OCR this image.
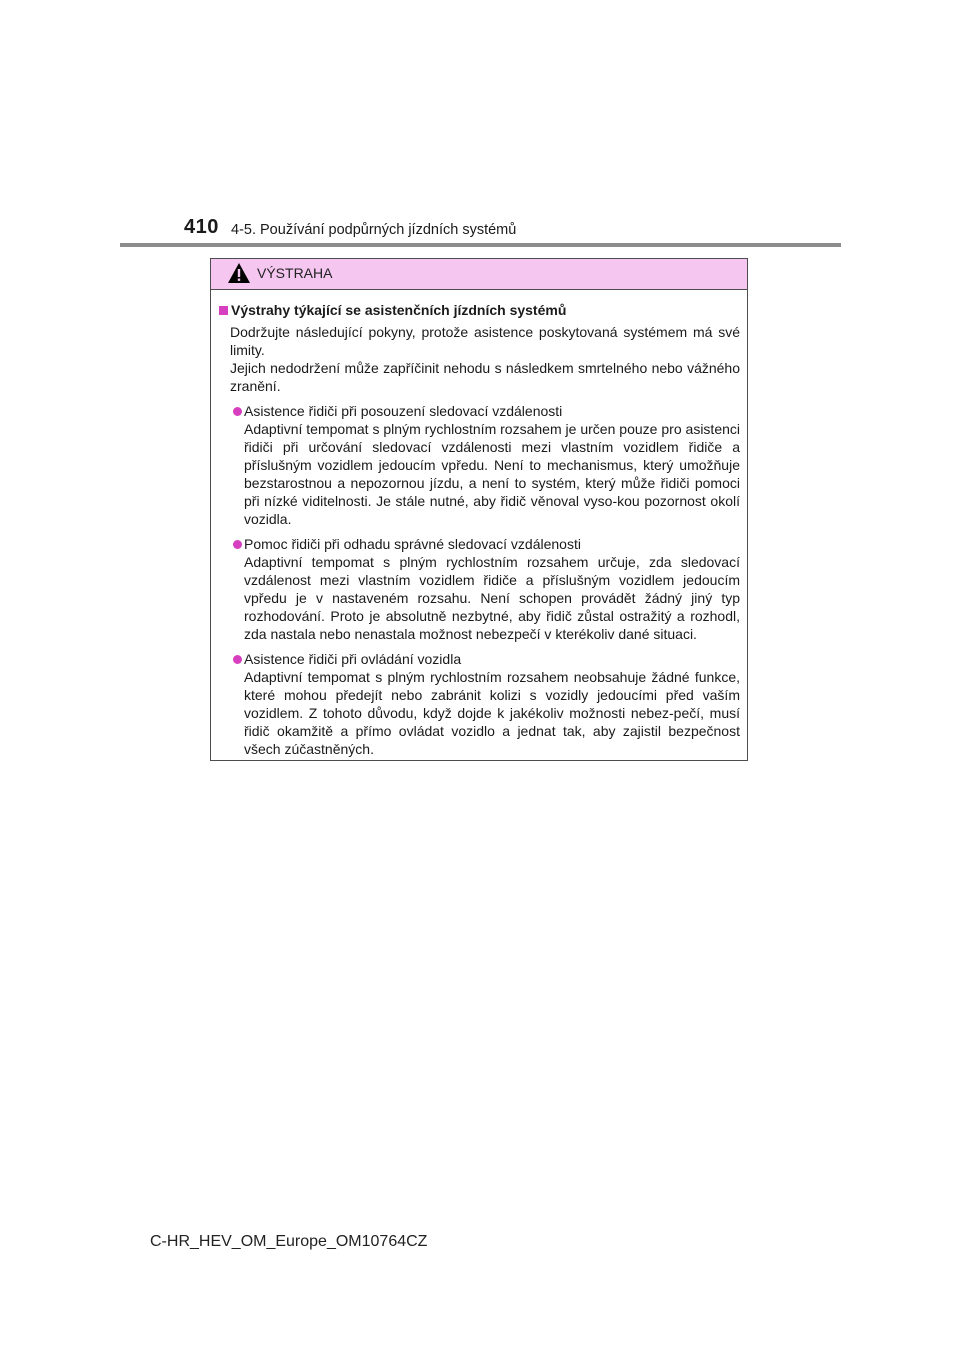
410 4-5. Používání podpůrných jízdních systémů
VÝSTRAHA
Výstrahy týkající se asistenčních jízdních systémů

Dodržujte následující pokyny, protože asistence poskytovaná systémem má své limity.

Jejich nedodržení může zapříčinit nehodu s následkem smrtelného nebo vážného zranění.

Asistence řidiči při posouzení sledovací vzdálenosti
Adaptivní tempomat s plným rychlostním rozsahem je určen pouze pro asistenci řidiči při určování sledovací vzdálenosti mezi vlastním vozidlem řidiče a příslušným vozidlem jedoucím vpředu. Není to mechanismus, který umožňuje bezstarostnou a nepozornou jízdu, a není to systém, který může řidiči pomoci při nízké viditelnosti. Je stále nutné, aby řidič věnoval vyso-kou pozornost okolí vozidla.
Pomoc řidiči při odhadu správné sledovací vzdálenosti
Adaptivní tempomat s plným rychlostním rozsahem určuje, zda sledovací vzdálenost mezi vlastním vozidlem řidiče a příslušným vozidlem jedoucím vpředu je v nastaveném rozsahu. Není schopen provádět žádný jiný typ rozhodování. Proto je absolutně nezbytné, aby řidič zůstal ostražitý a rozhodl, zda nastala nebo nenastala možnost nebezpečí v kterékoliv dané situaci.
Asistence řidiči při ovládání vozidla
Adaptivní tempomat s plným rychlostním rozsahem neobsahuje žádné funkce, které mohou předejít nebo zabránit kolizi s vozidly jedoucími před vaším vozidlem. Z tohoto důvodu, když dojde k jakékoliv možnosti nebez-pečí, musí řidič okamžitě a přímo ovládat vozidlo a jednat tak, aby zajistil bezpečnost všech zúčastněných.
C-HR_HEV_OM_Europe_OM10764CZ
